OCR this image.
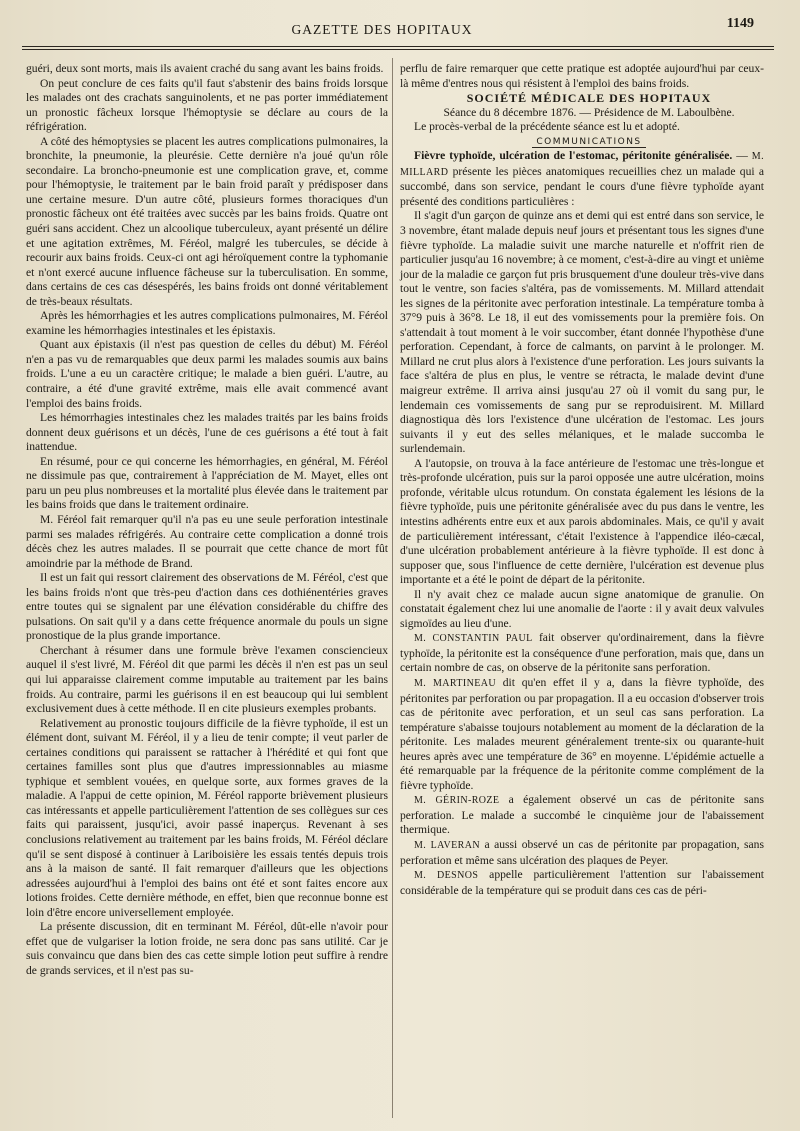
GAZETTE DES HOPITAUX	1149

guéri, deux sont morts, mais ils avaient craché du sang avant les bains froids.

On peut conclure de ces faits qu'il faut s'abstenir des bains froids lorsque les malades ont des crachats sanguinolents, et ne pas porter immédiatement un pronostic fâcheux lorsque l'hémoptysie se déclare au cours de la réfrigération.

A côté des hémoptysies se placent les autres complications pulmonaires, la bronchite, la pneumonie, la pleurésie. Cette dernière n'a joué qu'un rôle secondaire. La broncho-pneumonie est une complication grave, et, comme pour l'hémoptysie, le traitement par le bain froid paraît y prédisposer dans une certaine mesure. D'un autre côté, plusieurs formes thoraciques d'un pronostic fâcheux ont été traitées avec succès par les bains froids. Quatre ont guéri sans accident. Chez un alcoolique tuberculeux, ayant présenté un délire et une agitation extrêmes, M. Féréol, malgré les tubercules, se décide à recourir aux bains froids. Ceux-ci ont agi héroïquement contre la typhomanie et n'ont exercé aucune influence fâcheuse sur la tuberculisation. En somme, dans certains de ces cas désespérés, les bains froids ont donné véritablement de très-beaux résultats.

Après les hémorrhagies et les autres complications pulmonaires, M. Féréol examine les hémorrhagies intestinales et les épistaxis.

Quant aux épistaxis (il n'est pas question de celles du début) M. Féréol n'en a pas vu de remarquables que deux parmi les malades soumis aux bains froids. L'une a eu un caractère critique; le malade a bien guéri. L'autre, au contraire, a été d'une gravité extrême, mais elle avait commencé avant l'emploi des bains froids.

Les hémorrhagies intestinales chez les malades traités par les bains froids donnent deux guérisons et un décès, l'une de ces guérisons a été tout à fait inattendue.

En résumé, pour ce qui concerne les hémorrhagies, en général, M. Féréol ne dissimule pas que, contrairement à l'appréciation de M. Mayet, elles ont paru un peu plus nombreuses et la mortalité plus élevée dans le traitement par les bains froids que dans le traitement ordinaire.

M. Féréol fait remarquer qu'il n'a pas eu une seule perforation intestinale parmi ses malades réfrigérés. Au contraire cette complication a donné trois décès chez les autres malades. Il se pourrait que cette chance de mort fût amoindrie par la méthode de Brand.

Il est un fait qui ressort clairement des observations de M. Féréol, c'est que les bains froids n'ont que très-peu d'action dans ces dothiénentéries graves entre toutes qui se signalent par une élévation considérable du chiffre des pulsations. On sait qu'il y a dans cette fréquence anormale du pouls un signe pronostique de la plus grande importance.

Cherchant à résumer dans une formule brève l'examen consciencieux auquel il s'est livré, M. Féréol dit que parmi les décès il n'en est pas un seul qui lui apparaisse clairement comme imputable au traitement par les bains froids. Au contraire, parmi les guérisons il en est beaucoup qui lui semblent exclusivement dues à cette méthode. Il en cite plusieurs exemples probants.

Relativement au pronostic toujours difficile de la fièvre typhoïde, il est un élément dont, suivant M. Féréol, il y a lieu de tenir compte; il veut parler de certaines conditions qui paraissent se rattacher à l'hérédité et qui font que certaines familles sont plus que d'autres impressionnables au miasme typhique et semblent vouées, en quelque sorte, aux formes graves de la maladie. A l'appui de cette opinion, M. Féréol rapporte brièvement plusieurs cas intéressants et appelle particulièrement l'attention de ses collègues sur ces faits qui paraissent, jusqu'ici, avoir passé inaperçus. Revenant à ses conclusions relativement au traitement par les bains froids, M. Féréol déclare qu'il se sent disposé à continuer à Lariboisière les essais tentés depuis trois ans à la maison de santé. Il fait remarquer d'ailleurs que les objections adressées aujourd'hui à l'emploi des bains ont été et sont faites encore aux lotions froides. Cette dernière méthode, en effet, bien que reconnue bonne est loin d'être encore universellement employée.

La présente discussion, dit en terminant M. Féréol, dût-elle n'avoir pour effet que de vulgariser la lotion froide, ne sera donc pas sans utilité. Car je suis convaincu que dans bien des cas cette simple lotion peut suffire à rendre de grands services, et il n'est pas su-

perflu de faire remarquer que cette pratique est adoptée aujourd'hui par ceux-là même d'entres nous qui résistent à l'emploi des bains froids.

SOCIÉTÉ MÉDICALE DES HOPITAUX

Séance du 8 décembre 1876. — Présidence de M. Laboulbène.

Le procès-verbal de la précédente séance est lu et adopté.

COMMUNICATIONS

Fièvre typhoïde, ulcération de l'estomac, péritonite généralisée. — M. MILLARD présente les pièces anatomiques recueillies chez un malade qui a succombé, dans son service, pendant le cours d'une fièvre typhoïde ayant présenté des conditions particulières :

Il s'agit d'un garçon de quinze ans et demi qui est entré dans son service, le 3 novembre, étant malade depuis neuf jours et présentant tous les signes d'une fièvre typhoïde. La maladie suivit une marche naturelle et n'offrit rien de particulier jusqu'au 16 novembre; à ce moment, c'est-à-dire au vingt et unième jour de la maladie ce garçon fut pris brusquement d'une douleur très-vive dans tout le ventre, son facies s'altéra, pas de vomissements. M. Millard attendait les signes de la péritonite avec perforation intestinale. La température tomba à 37°9 puis à 36°8. Le 18, il eut des vomissements pour la première fois. On s'attendait à tout moment à le voir succomber, étant donnée l'hypothèse d'une perforation. Cependant, à force de calmants, on parvint à le prolonger. M. Millard ne crut plus alors à l'existence d'une perforation. Les jours suivants la face s'altéra de plus en plus, le ventre se rétracta, le malade devint d'une maigreur extrême. Il arriva ainsi jusqu'au 27 où il vomit du sang pur, le lendemain ces vomissements de sang pur se reproduisirent. M. Millard diagnostiqua dès lors l'existence d'une ulcération de l'estomac. Les jours suivants il y eut des selles mélaniques, et le malade succomba le surlendemain.

A l'autopsie, on trouva à la face antérieure de l'estomac une très-longue et très-profonde ulcération, puis sur la paroi opposée une autre ulcération, moins profonde, véritable ulcus rotundum. On constata également les lésions de la fièvre typhoïde, puis une péritonite généralisée avec du pus dans le ventre, les intestins adhérents entre eux et aux parois abdominales. Mais, ce qu'il y avait de particulièrement intéressant, c'était l'existence à l'appendice iléo-cæcal, d'une ulcération probablement antérieure à la fièvre typhoïde. Il est donc à supposer que, sous l'influence de cette dernière, l'ulcération est devenue plus importante et a été le point de départ de la péritonite.

Il n'y avait chez ce malade aucun signe anatomique de granulie. On constatait également chez lui une anomalie de l'aorte : il y avait deux valvules sigmoïdes au lieu d'une.

M. CONSTANTIN PAUL fait observer qu'ordinairement, dans la fièvre typhoïde, la péritonite est la conséquence d'une perforation, mais que, dans un certain nombre de cas, on observe de la péritonite sans perforation.

M. MARTINEAU dit qu'en effet il y a, dans la fièvre typhoïde, des péritonites par perforation ou par propagation. Il a eu occasion d'observer trois cas de péritonite avec perforation, et un seul cas sans perforation. La température s'abaisse toujours notablement au moment de la déclaration de la péritonite. Les malades meurent généralement trente-six ou quarante-huit heures après avec une température de 36° en moyenne. L'épidémie actuelle a été remarquable par la fréquence de la péritonite comme complément de la fièvre typhoïde.

M. GÉRIN-ROZE a également observé un cas de péritonite sans perforation. Le malade a succombé le cinquième jour de l'abaissement thermique.

M. LAVERAN a aussi observé un cas de péritonite par propagation, sans perforation et même sans ulcération des plaques de Peyer.

M. DESNOS appelle particulièrement l'attention sur l'abaissement considérable de la température qui se produit dans ces cas de péri-
